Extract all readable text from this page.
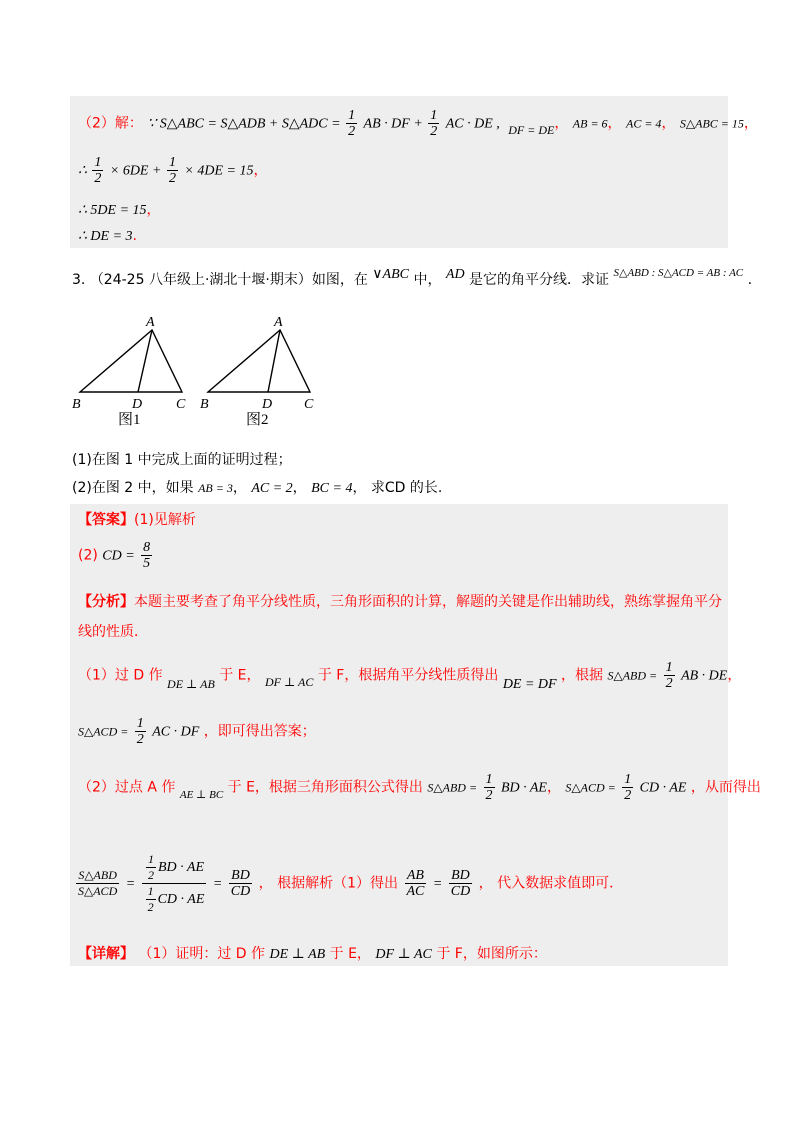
（2）解： ∵ S△ABC = S△ADB + S△ADC = $\frac{1}{2}$ AB · DF + $\frac{1}{2}$ AC · DE , DF = DE， AB = 6， AC = 4， S△ABC = 15，
∴ $\frac{1}{2} \times 6DE + \frac{1}{2} \times 4DE = 15$，
∴ 5DE = 15，
∴ DE = 3.
3. （24-25 八年级上·湖北十堰·期末）如图，在 ∨ABC 中， AD 是它的角平分线．求证 $^{S\triangle ABD : S\triangle ACD = AB : AC}$ .
A
B	D C
图1
A
B	D C
图2
(1)在图 1 中完成上面的证明过程；
(2)在图 2 中，如果 AB = 3， AC = 2， BC = 4， 求CD 的长.
【答案】(1)见解析
(2) CD = $\frac{8}{5}$
【分析】本题主要考查了角平分线性质，三角形面积的计算，解题的关键是作出辅助线，熟练掌握角平分
线的性质．
（1）过 D 作 DE ⊥ AB 于 E， DF ⊥ AC 于 F，根据角平分线性质得出 DE = DF ，根据 S△ABD = $\frac{1}{2}$ AB · DE，
S△ACD = $\frac{1}{2}$ AC · DF ，即可得出答案；
（2）过点 A 作 $_{AE \perp BC}$ 于 E，根据三角形面积公式得出 S△ABD = $\frac{1}{2}$ BD · AE， S△ACD = $\frac{1}{2}$ CD · AE ，从而得出
$\frac{\text{S△ABD}}{\text{S△ACD}} = \frac{\frac{1}{2} BD \cdot AE}{\frac{1}{2} CD \cdot AE} = \frac{BD}{CD}$ ， 根据解析（1）得出 $\frac{AB}{AC} = \frac{BD}{CD}$ ， 代入数据求值即可．
【详解】 （1）证明：过 D 作 DE ⊥ AB 于 E， DF ⊥ AC 于 F，如图所示：
